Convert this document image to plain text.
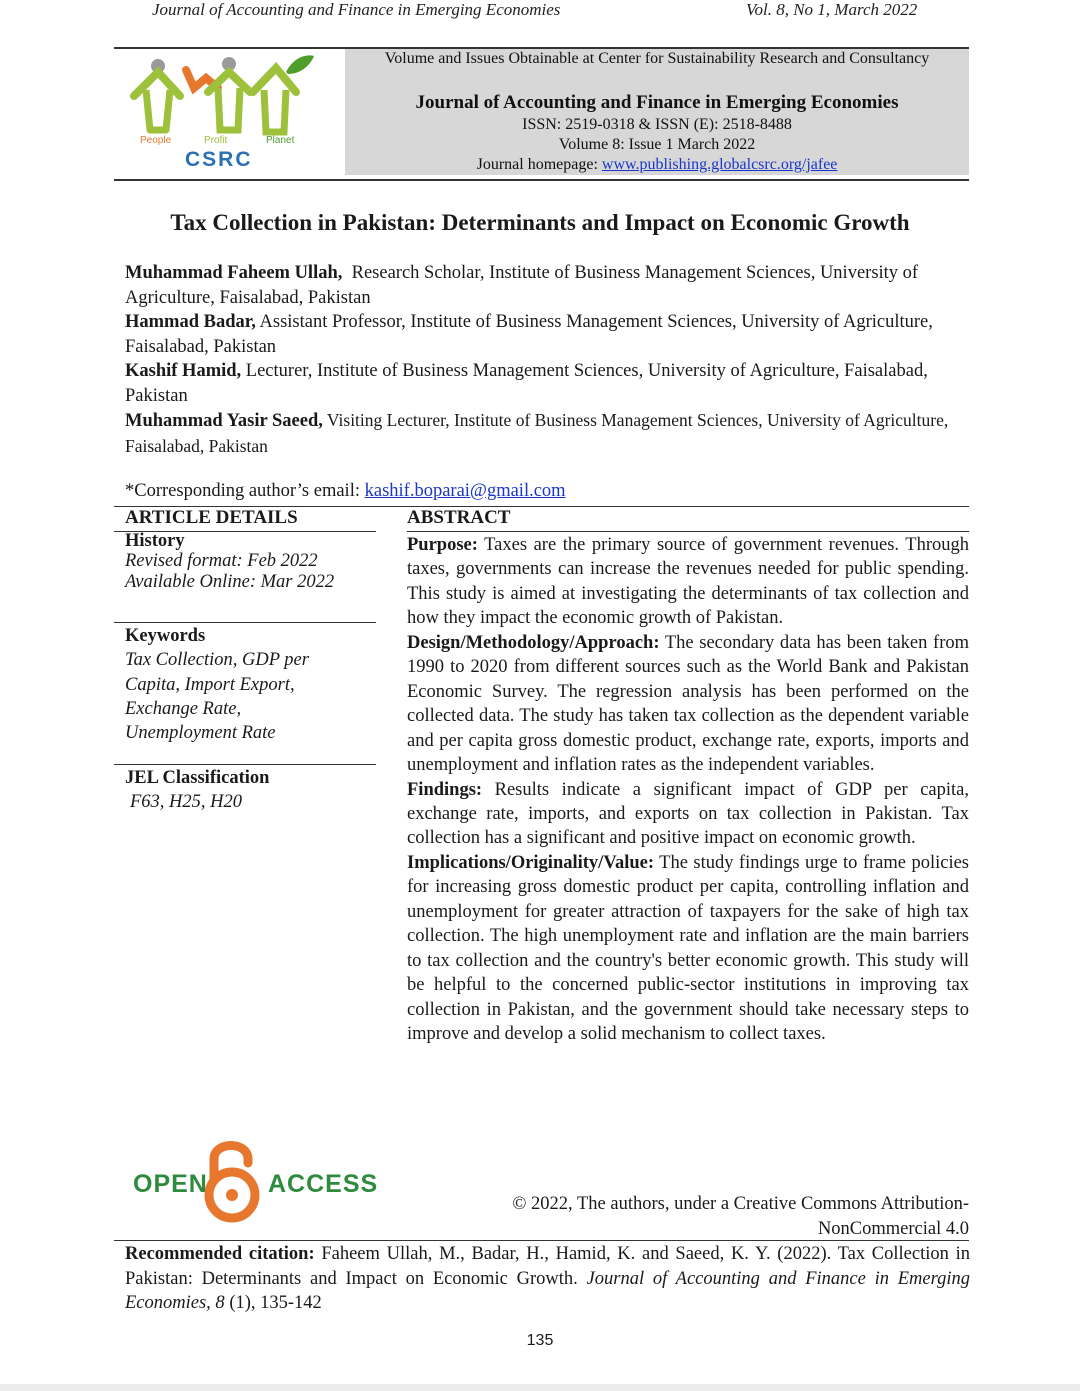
Journal of Accounting and Finance in Emerging Economies	Vol. 8, No 1, March 2022
People	Profit	Planet
CSRC
Volume and Issues Obtainable at Center for Sustainability Research and Consultancy
Journal of Accounting and Finance in Emerging Economies
ISSN: 2519-0318 & ISSN (E): 2518-8488
Volume 8: Issue 1 March 2022
Journal homepage: www.publishing.globalcsrc.org/jafee
Tax Collection in Pakistan: Determinants and Impact on Economic Growth

Muhammad Faheem Ullah,  Research Scholar, Institute of Business Management Sciences, University of Agriculture, Faisalabad, Pakistan

Hammad Badar, Assistant Professor, Institute of Business Management Sciences, University of Agriculture, Faisalabad, Pakistan

Kashif Hamid, Lecturer, Institute of Business Management Sciences, University of Agriculture, Faisalabad, Pakistan

Muhammad Yasir Saeed, Visiting Lecturer, Institute of Business Management Sciences, University of Agriculture, Faisalabad, Pakistan

*Corresponding author’s email: kashif.boparai@gmail.com
ARTICLE DETAILS	ABSTRACT
History
Revised format: Feb 2022
Available Online: Mar 2022
Keywords
Tax Collection, GDP per Capita, Import Export, Exchange Rate, Unemployment Rate
JEL Classification
F63, H25, H20

Purpose: Taxes are the primary source of government revenues. Through taxes, governments can increase the revenues needed for public spending. This study is aimed at investigating the determinants of tax collection and how they impact the economic growth of Pakistan.

Design/Methodology/Approach: The secondary data has been taken from 1990 to 2020 from different sources such as the World Bank and Pakistan Economic Survey. The regression analysis has been performed on the collected data. The study has taken tax collection as the dependent variable and per capita gross domestic product, exchange rate, exports, imports and unemployment and inflation rates as the independent variables.

Findings: Results indicate a significant impact of GDP per capita, exchange rate, imports, and exports on tax collection in Pakistan. Tax collection has a significant and positive impact on economic growth.

Implications/Originality/Value: The study findings urge to frame policies for increasing gross domestic product per capita, controlling inflation and unemployment for greater attraction of taxpayers for the sake of high tax collection. The high unemployment rate and inflation are the main barriers to tax collection and the country's better economic growth. This study will be helpful to the concerned public-sector institutions in improving tax collection in Pakistan, and the government should take necessary steps to improve and develop a solid mechanism to collect taxes.

OPEN ACCESS
© 2022, The authors, under a Creative Commons Attribution-NonCommercial 4.0
Recommended citation: Faheem Ullah, M., Badar, H., Hamid, K. and Saeed, K. Y. (2022). Tax Collection in Pakistan: Determinants and Impact on Economic Growth. Journal of Accounting and Finance in Emerging Economies, 8 (1), 135-142
135
